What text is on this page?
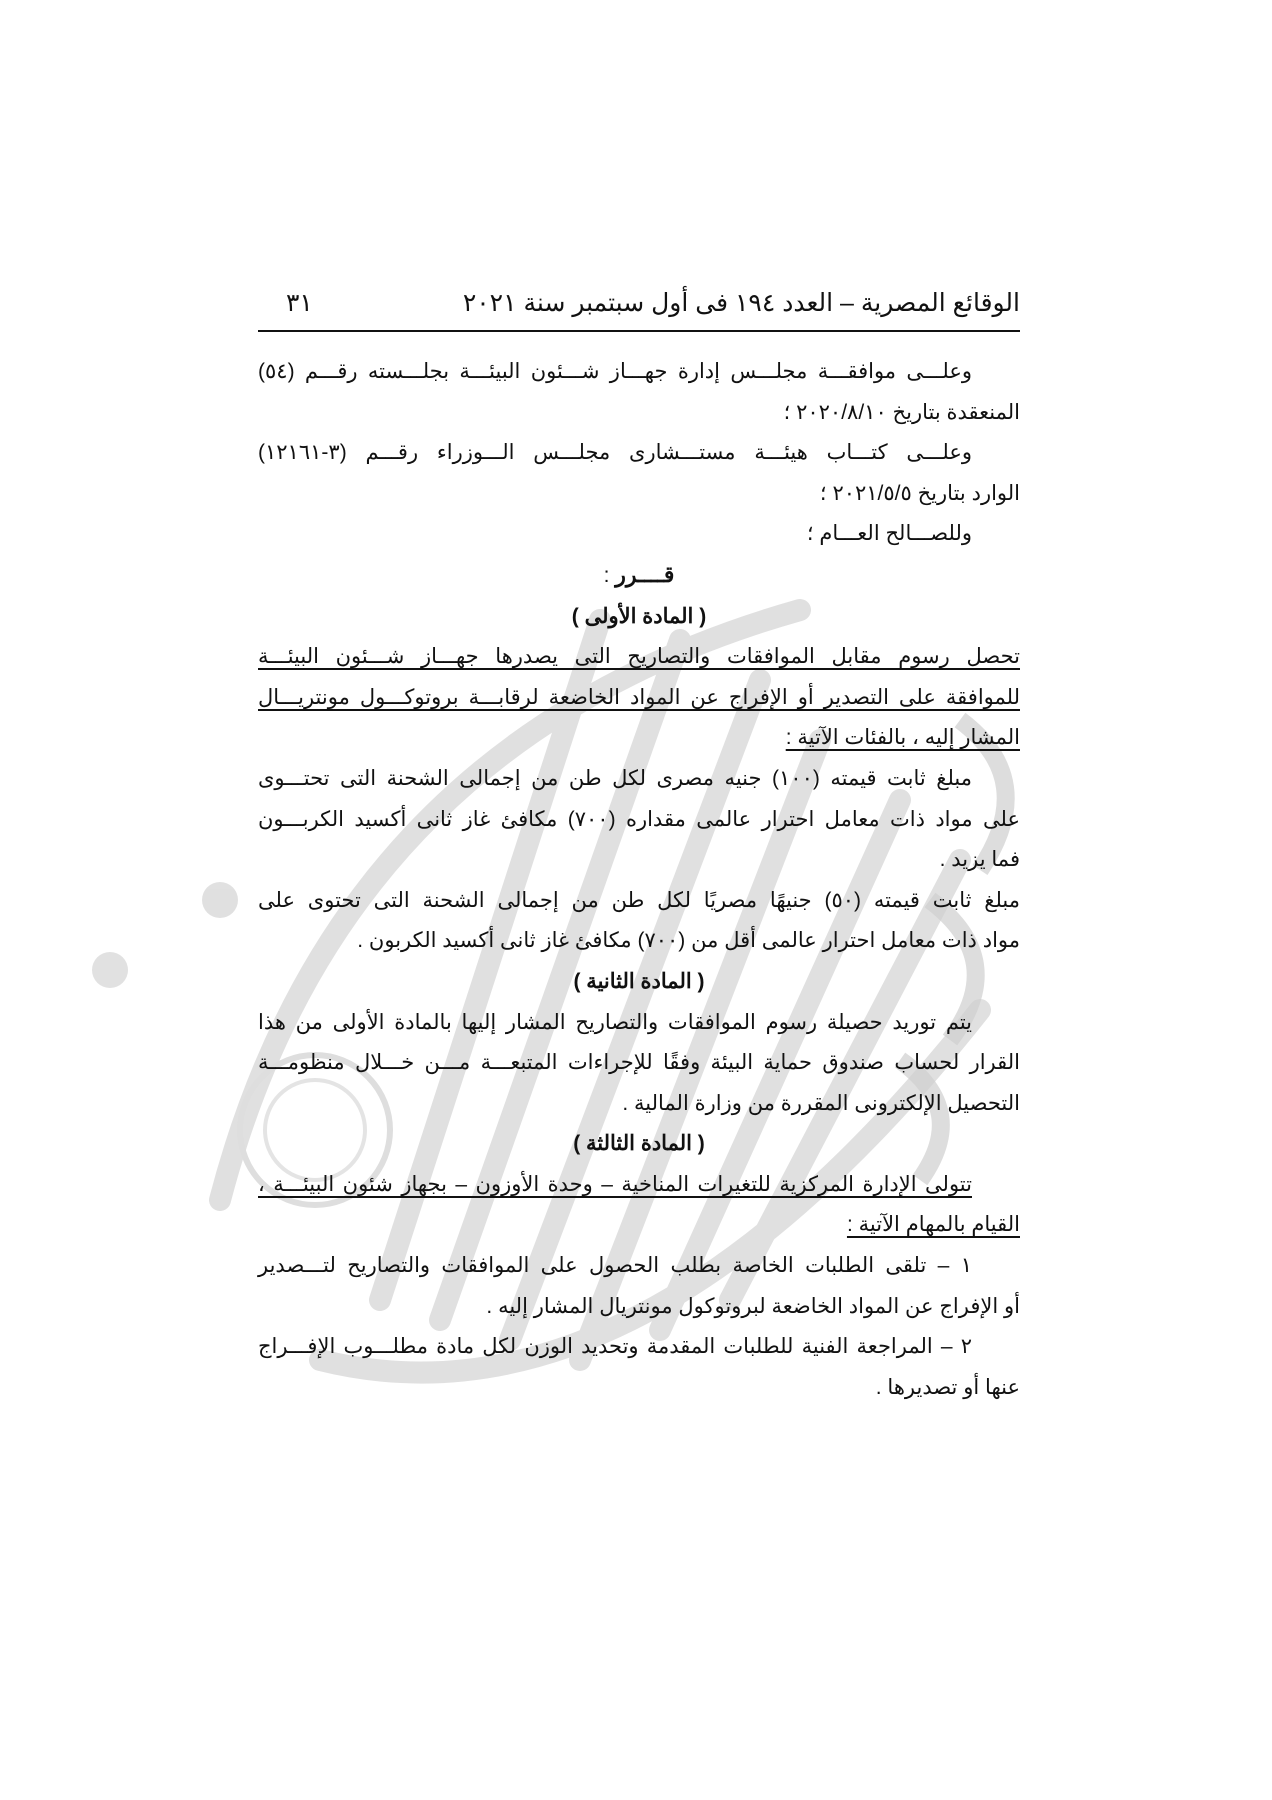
الوقائع المصرية – العدد ١٩٤ فى أول سبتمبر سنة ٢٠٢١
٣١

وعلـــى موافقـــة مجلـــس إدارة جهـــاز شـــئون البيئـــة بجلـــسته رقـــم (٥٤)

المنعقدة بتاريخ ٢٠٢٠/٨/١٠ ؛

وعلـــى كتـــاب هيئـــة مستـــشارى مجلـــس الـــوزراء رقـــم (٣-١٢١٦١)

الوارد بتاريخ ٢٠٢١/٥/٥ ؛

وللصـــالح العـــام ؛

قــــرر :

( المادة الأولى )

تحصل رسوم مقابل الموافقات والتصاريح التى يصدرها جهـــاز شـــئون البيئـــة

للموافقة على التصدير أو الإفراج عن المواد الخاضعة لرقابـــة بروتوكـــول مونتريـــال

المشار إليه ، بالفئات الآتية :

مبلغ ثابت قيمته (١٠٠) جنيه مصرى لكل طن من إجمالى الشحنة التى تحتـــوى

على مواد ذات معامل احترار عالمى مقداره (٧٠٠) مكافئ غاز ثانى أكسيد الكربـــون

فما يزيد .

مبلغ ثابت قيمته (٥٠) جنيهًا مصريًا لكل طن من إجمالى الشحنة التى تحتوى على

مواد ذات معامل احترار عالمى أقل من (٧٠٠) مكافئ غاز ثانى أكسيد الكربون .

( المادة الثانية )

يتم توريد حصيلة رسوم الموافقات والتصاريح المشار إليها بالمادة الأولى من هذا

القرار لحساب صندوق حماية البيئة وفقًا للإجراءات المتبعـــة مـــن خـــلال منظومـــة

التحصيل الإلكترونى المقررة من وزارة المالية .

( المادة الثالثة )

تتولى الإدارة المركزية للتغيرات المناخية – وحدة الأوزون – بجهاز شئون البيئـــة ،

القيام بالمهام الآتية :

١ – تلقى الطلبات الخاصة بطلب الحصول على الموافقات والتصاريح لتـــصدير

أو الإفراج عن المواد الخاضعة لبروتوكول مونتريال المشار إليه .

٢ – المراجعة الفنية للطلبات المقدمة وتحديد الوزن لكل مادة مطلـــوب الإفـــراج

عنها أو تصديرها .
